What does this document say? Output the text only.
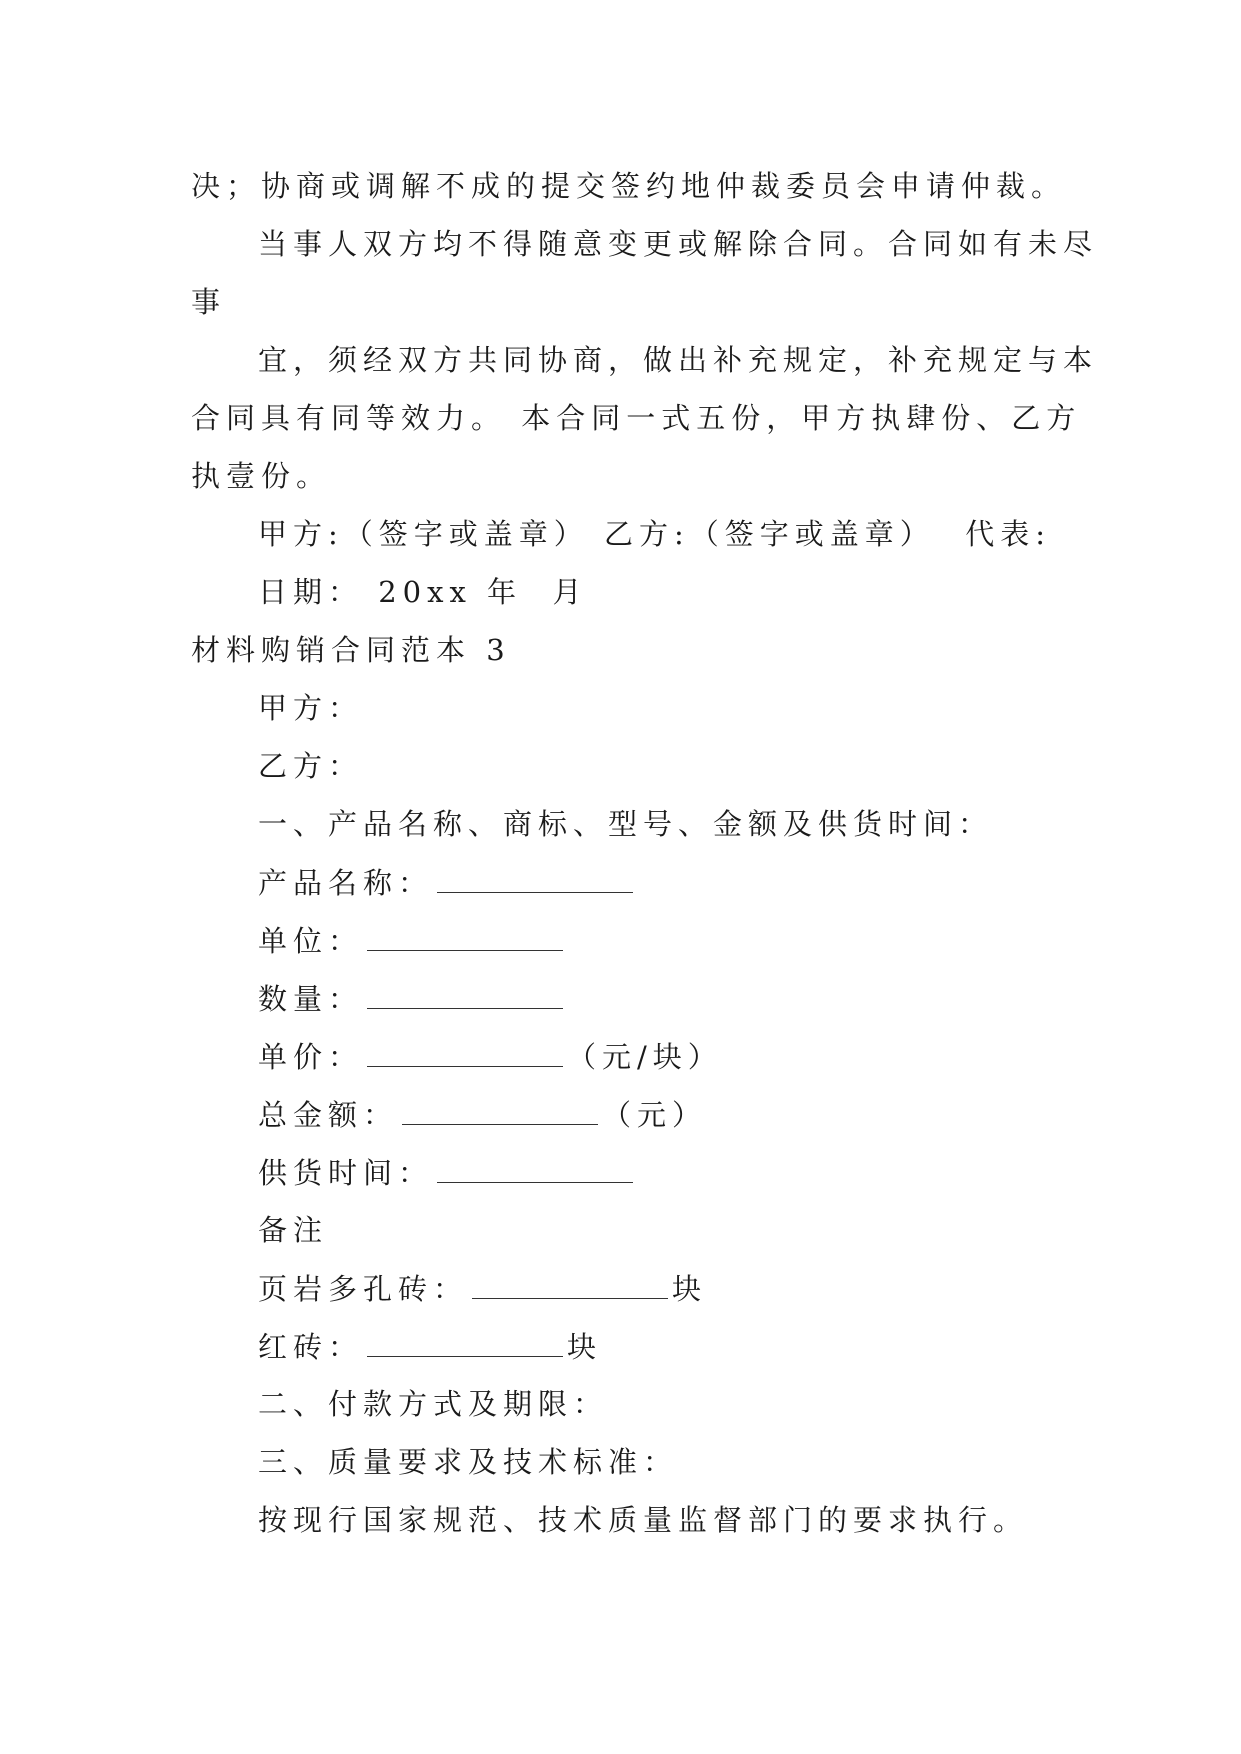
决；协商或调解不成的提交签约地仲裁委员会申请仲裁。
当事人双方均不得随意变更或解除合同。合同如有未尽
事
宜，须经双方共同协商，做出补充规定，补充规定与本
合同具有同等效力。 本合同一式五份，甲方执肆份、乙方
执壹份。
甲方:（签字或盖章） 乙方:（签字或盖章）  代表:
日期： 20xx 年  月
材料购销合同范本 3
甲方：
乙方：
一、产品名称、商标、型号、金额及供货时间：
产品名称：
单位：
数量：
单价：	（元/块）
总金额：	（元）
供货时间：
备注
页岩多孔砖：	块
红砖：	块
二、付款方式及期限：
三、质量要求及技术标准：
按现行国家规范、技术质量监督部门的要求执行。
